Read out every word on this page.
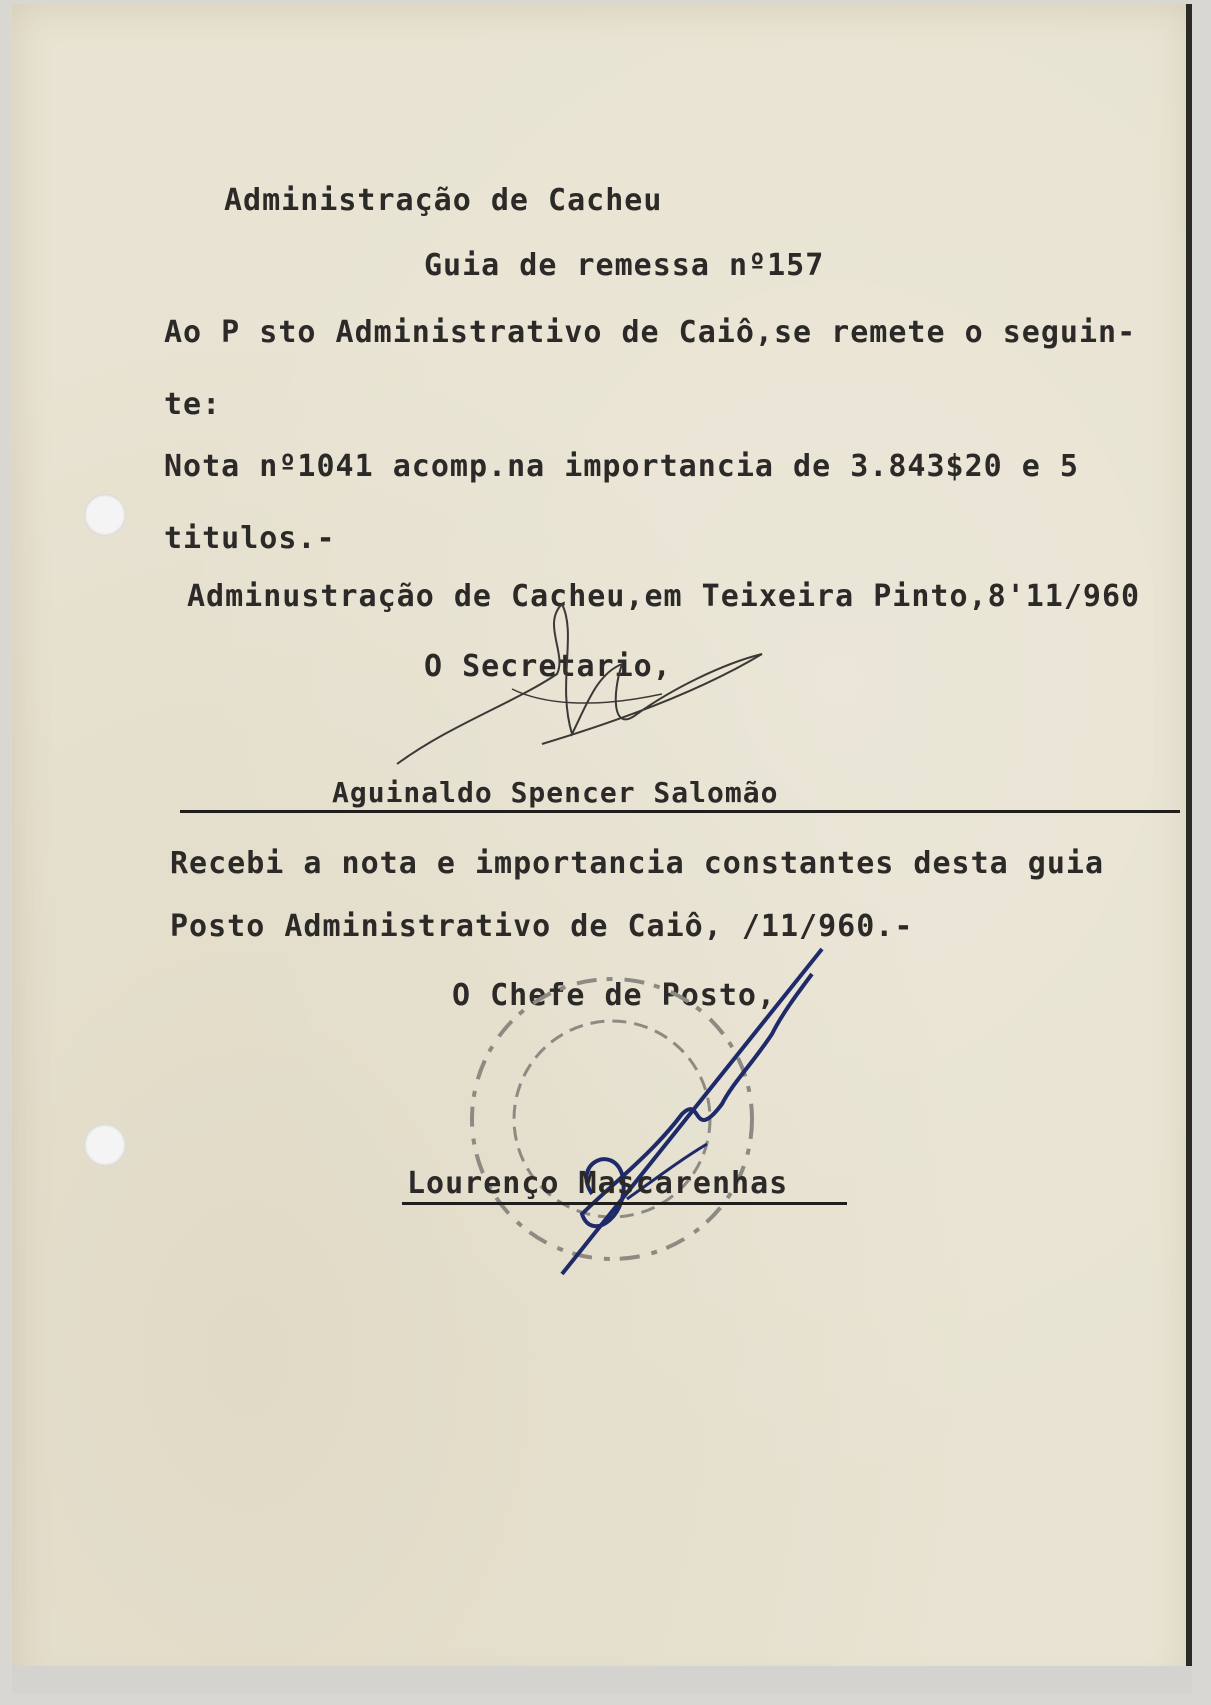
Administração de Cacheu
Guia de remessa nº157
Ao P sto Administrativo de Caiô,se remete o seguin-
te:
Nota nº1041 acomp.na importancia de 3.843$20 e 5
titulos.-
Adminustração de Cacheu,em Teixeira Pinto,8'11/960
O Secretario,
Aguinaldo Spencer Salomão
Recebi a nota e importancia constantes desta guia
Posto Administrativo de Caiô, /11/960.-
O Chefe de Posto,
Lourenço Mascarenhas
